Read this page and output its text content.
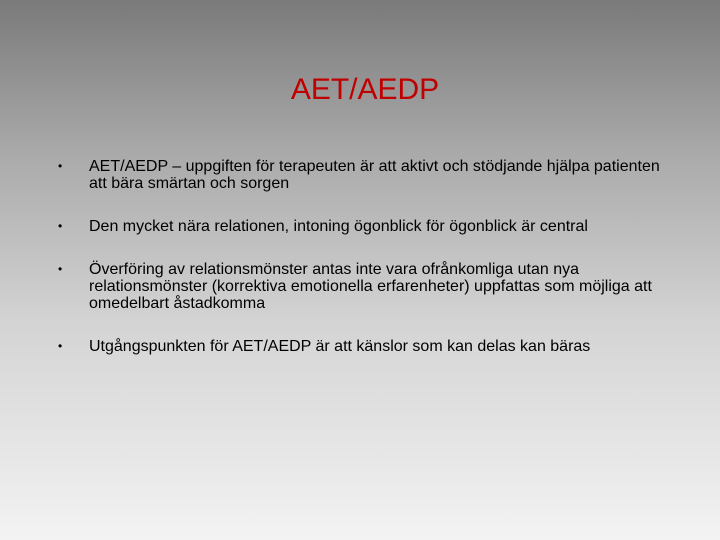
AET/AEDP
• AET/AEDP – uppgiften för terapeuten är att aktivt och stödjande hjälpa patienten att bära smärtan och sorgen
• Den mycket nära relationen, intoning ögonblick för ögonblick är central
• Överföring av relationsmönster antas inte vara ofrånkomliga utan nya relationsmönster (korrektiva emotionella erfarenheter) uppfattas som möjliga att omedelbart åstadkomma
• Utgångspunkten för AET/AEDP är att känslor som kan delas kan bäras
